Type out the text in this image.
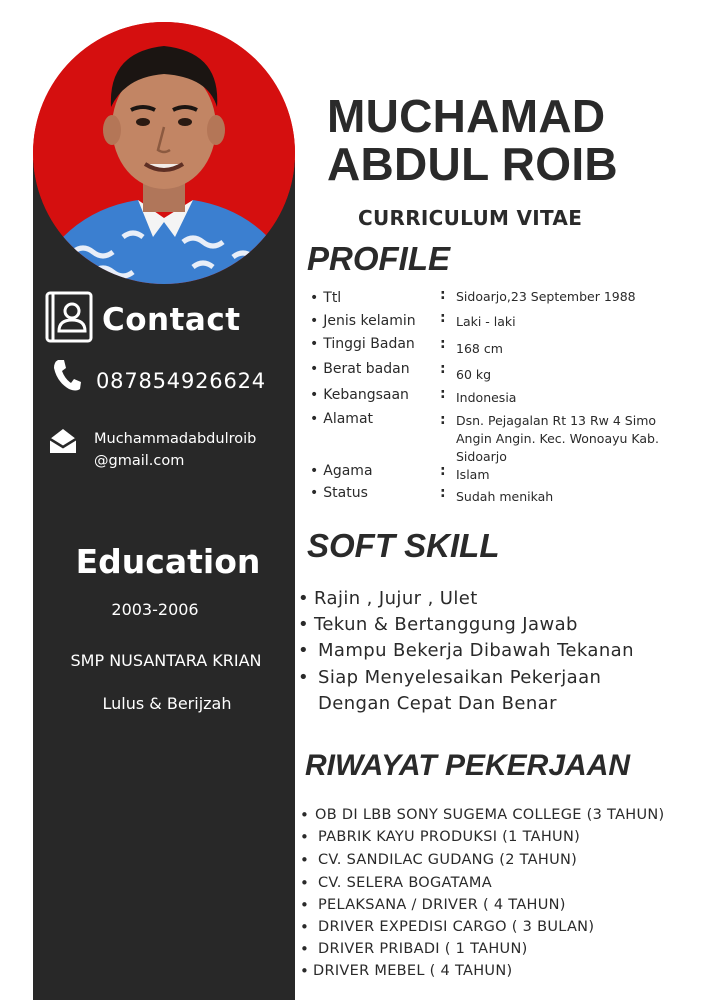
Contact
087854926624
Muchammadabdulroib
@gmail.com
Education
2003-2006
SMP NUSANTARA KRIAN
Lulus & Berijzah
MUCHAMAD
ABDUL ROIB
CURRICULUM VITAE
PROFILE
• Ttl	: Sidoarjo,23 September 1988
• Jenis kelamin : Laki - laki
• Tinggi Badan : 168 cm
• Berat badan : 60 kg
• Kebangsaan : Indonesia
• Alamat	: Dsn. Pejagalan Rt 13 Rw 4 Simo Angin Angin. Kec. Wonoayu Kab. Sidoarjo
• Agama	: Islam
• Status	: Sudah menikah
SOFT SKILL
• Rajin , Jujur , Ulet
• Tekun & Bertanggung Jawab
• Mampu Bekerja Dibawah Tekanan
• Siap Menyelesaikan Pekerjaan
Dengan Cepat Dan Benar
RIWAYAT PEKERJAAN
• OB DI LBB SONY SUGEMA COLLEGE (3 TAHUN)
• PABRIK KAYU PRODUKSI (1 TAHUN)
• CV. SANDILAC GUDANG (2 TAHUN)
• CV. SELERA BOGATAMA
• PELAKSANA / DRIVER ( 4 TAHUN)
• DRIVER EXPEDISI CARGO ( 3 BULAN)
• DRIVER PRIBADI ( 1 TAHUN)
• DRIVER MEBEL ( 4 TAHUN)
